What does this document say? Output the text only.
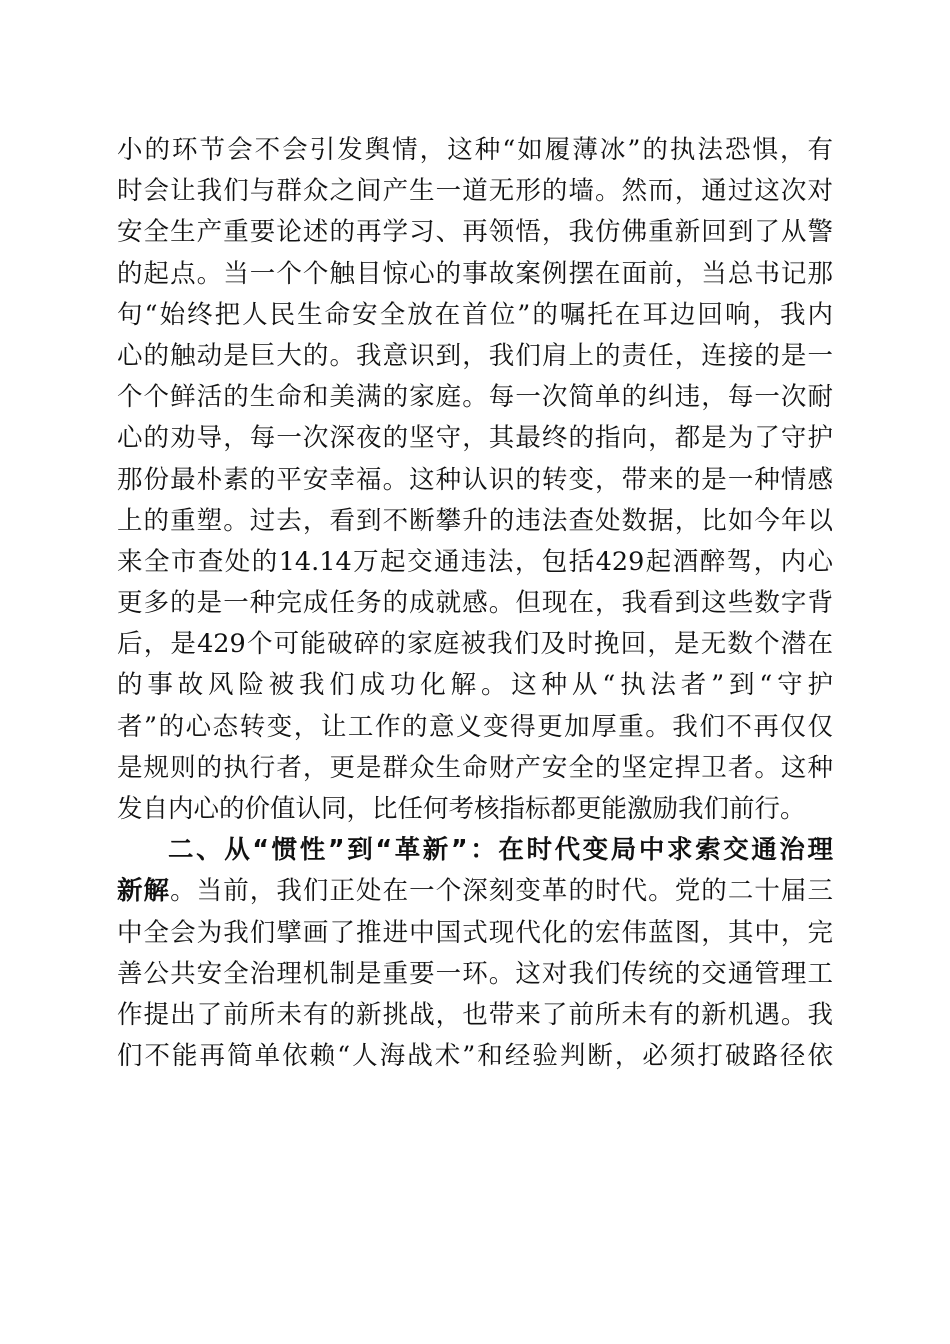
小的环节会不会引发舆情，这种“如履薄冰”的执法恐惧，有
时会让我们与群众之间产生一道无形的墙。然而，通过这次对
安全生产重要论述的再学习、再领悟，我仿佛重新回到了从警
的起点。当一个个触目惊心的事故案例摆在面前，当总书记那
句“始终把人民生命安全放在首位”的嘱托在耳边回响，我内
心的触动是巨大的。我意识到，我们肩上的责任，连接的是一
个个鲜活的生命和美满的家庭。每一次简单的纠违，每一次耐
心的劝导，每一次深夜的坚守，其最终的指向，都是为了守护
那份最朴素的平安幸福。这种认识的转变，带来的是一种情感
上的重塑。过去，看到不断攀升的违法查处数据，比如今年以
来全市查处的14.14万起交通违法，包括429起酒醉驾，内心
更多的是一种完成任务的成就感。但现在，我看到这些数字背
后，是429个可能破碎的家庭被我们及时挽回，是无数个潜在
的事故风险被我们成功化解。这种从“执法者”到“守护
者”的心态转变，让工作的意义变得更加厚重。我们不再仅仅
是规则的执行者，更是群众生命财产安全的坚定捍卫者。这种
发自内心的价值认同，比任何考核指标都更能激励我们前行。
二、从“惯性”到“革新”：在时代变局中求索交通治理
新解。当前，我们正处在一个深刻变革的时代。党的二十届三
中全会为我们擘画了推进中国式现代化的宏伟蓝图，其中，完
善公共安全治理机制是重要一环。这对我们传统的交通管理工
作提出了前所未有的新挑战，也带来了前所未有的新机遇。我
们不能再简单依赖“人海战术”和经验判断，必须打破路径依
